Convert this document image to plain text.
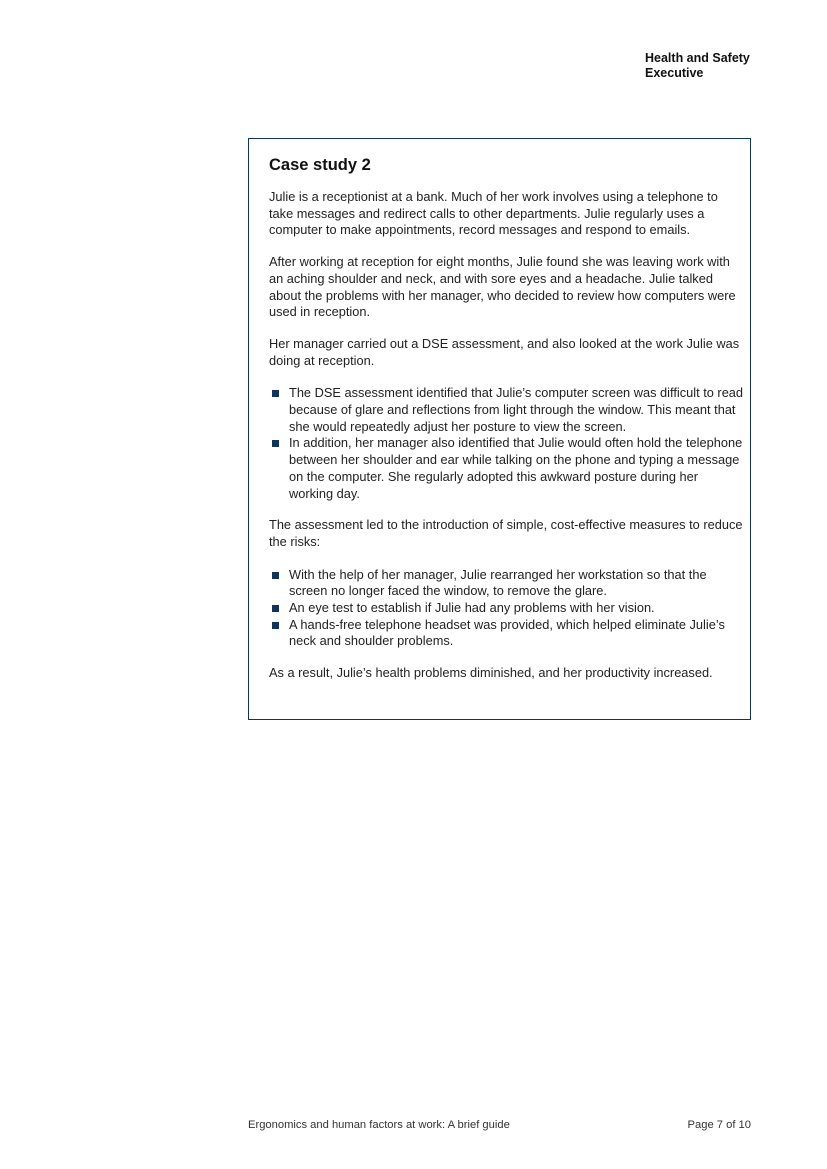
Health and Safety
Executive
Case study 2

Julie is a receptionist at a bank. Much of her work involves using a telephone to take messages and redirect calls to other departments. Julie regularly uses a computer to make appointments, record messages and respond to emails.

After working at reception for eight months, Julie found she was leaving work with an aching shoulder and neck, and with sore eyes and a headache. Julie talked about the problems with her manager, who decided to review how computers were used in reception.

Her manager carried out a DSE assessment, and also looked at the work Julie was doing at reception.

The DSE assessment identified that Julie’s computer screen was difficult to read because of glare and reflections from light through the window. This meant that she would repeatedly adjust her posture to view the screen.
In addition, her manager also identified that Julie would often hold the telephone between her shoulder and ear while talking on the phone and typing a message on the computer. She regularly adopted this awkward posture during her working day.

The assessment led to the introduction of simple, cost-effective measures to reduce the risks:

With the help of her manager, Julie rearranged her workstation so that the screen no longer faced the window, to remove the glare.
An eye test to establish if Julie had any problems with her vision.
A hands-free telephone headset was provided, which helped eliminate Julie’s neck and shoulder problems.

As a result, Julie’s health problems diminished, and her productivity increased.

Ergonomics and human factors at work: A brief guide	Page 7 of 10
